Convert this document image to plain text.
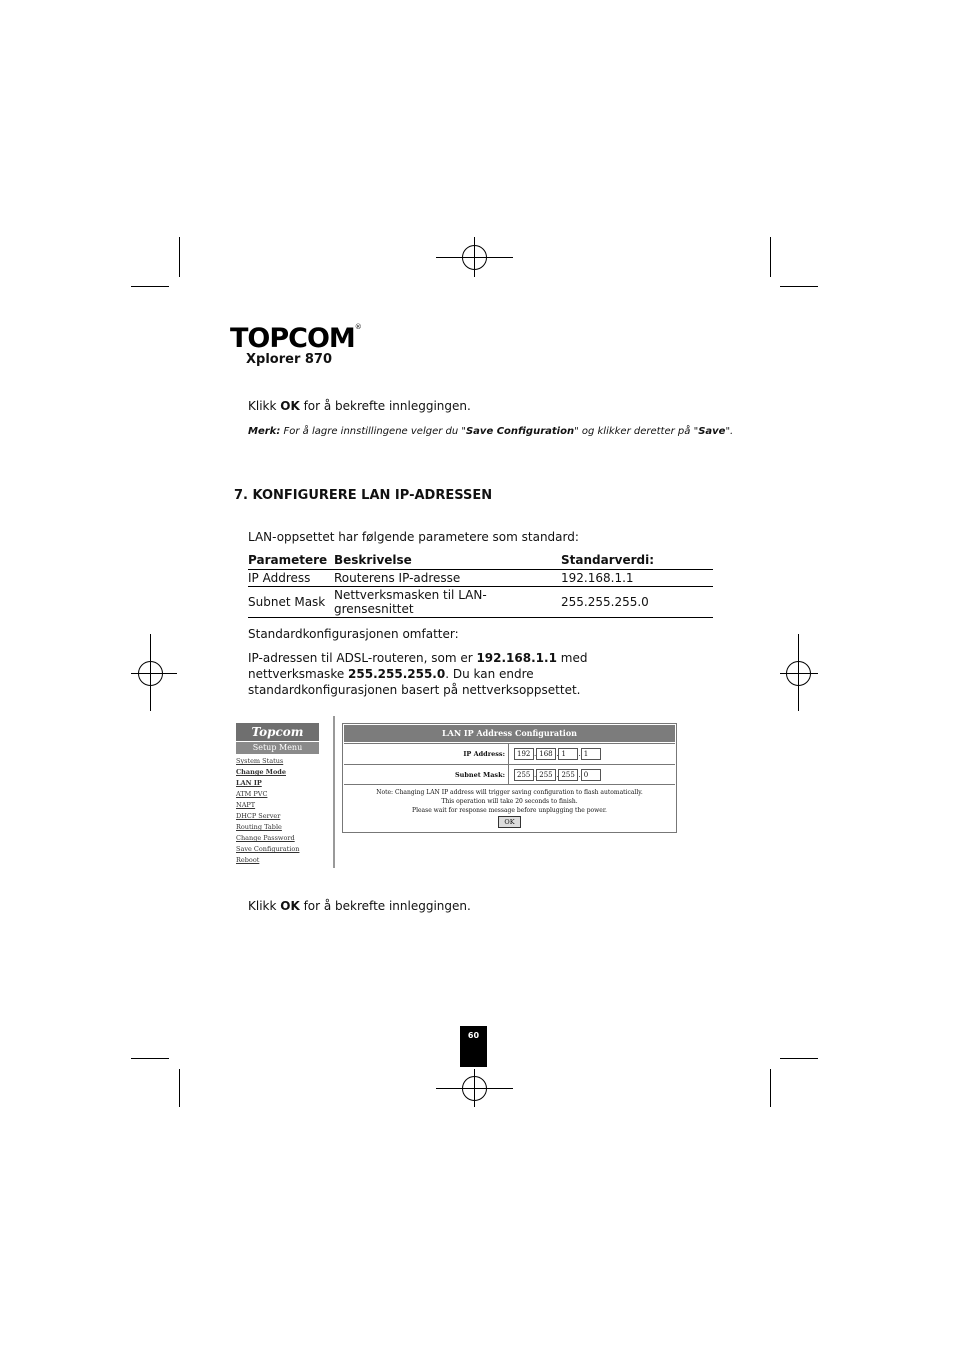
TOPCOM®
Xplorer 870
Klikk OK for å bekrefte innleggingen.
Merk: For å lagre innstillingene velger du "Save Configuration" og klikker deretter på "Save".
7. KONFIGURERE LAN IP-ADRESSEN
LAN-oppsettet har følgende parametere som standard:
Parametere	Beskrivelse	Standarverdi:
IP Address	Routerens IP-adresse	192.168.1.1
Subnet Mask	Nettverksmasken til LAN-grensesnittet	255.255.255.0
Standardkonfigurasjonen omfatter:
IP-adressen til ADSL-routeren, som er 192.168.1.1 med nettverksmaske 255.255.255.0. Du kan endre standardkonfigurasjonen basert på nettverksoppsettet.
Topcom
Setup Menu
System Status
Change Mode
LAN IP
ATM PVC
NAPT
DHCP Server
Routing Table
Change Password
Save Configuration
Reboot
LAN IP Address Configuration
IP Address:	192 . 168 . 1 . 1
Subnet Mask:	255 . 255 . 255 . 0
Note: Changing LAN IP address will trigger saving configuration to flash automatically.
This operation will take 20 seconds to finish.
Please wait for response message before unplugging the power.
OK
Klikk OK for å bekrefte innleggingen.
60
